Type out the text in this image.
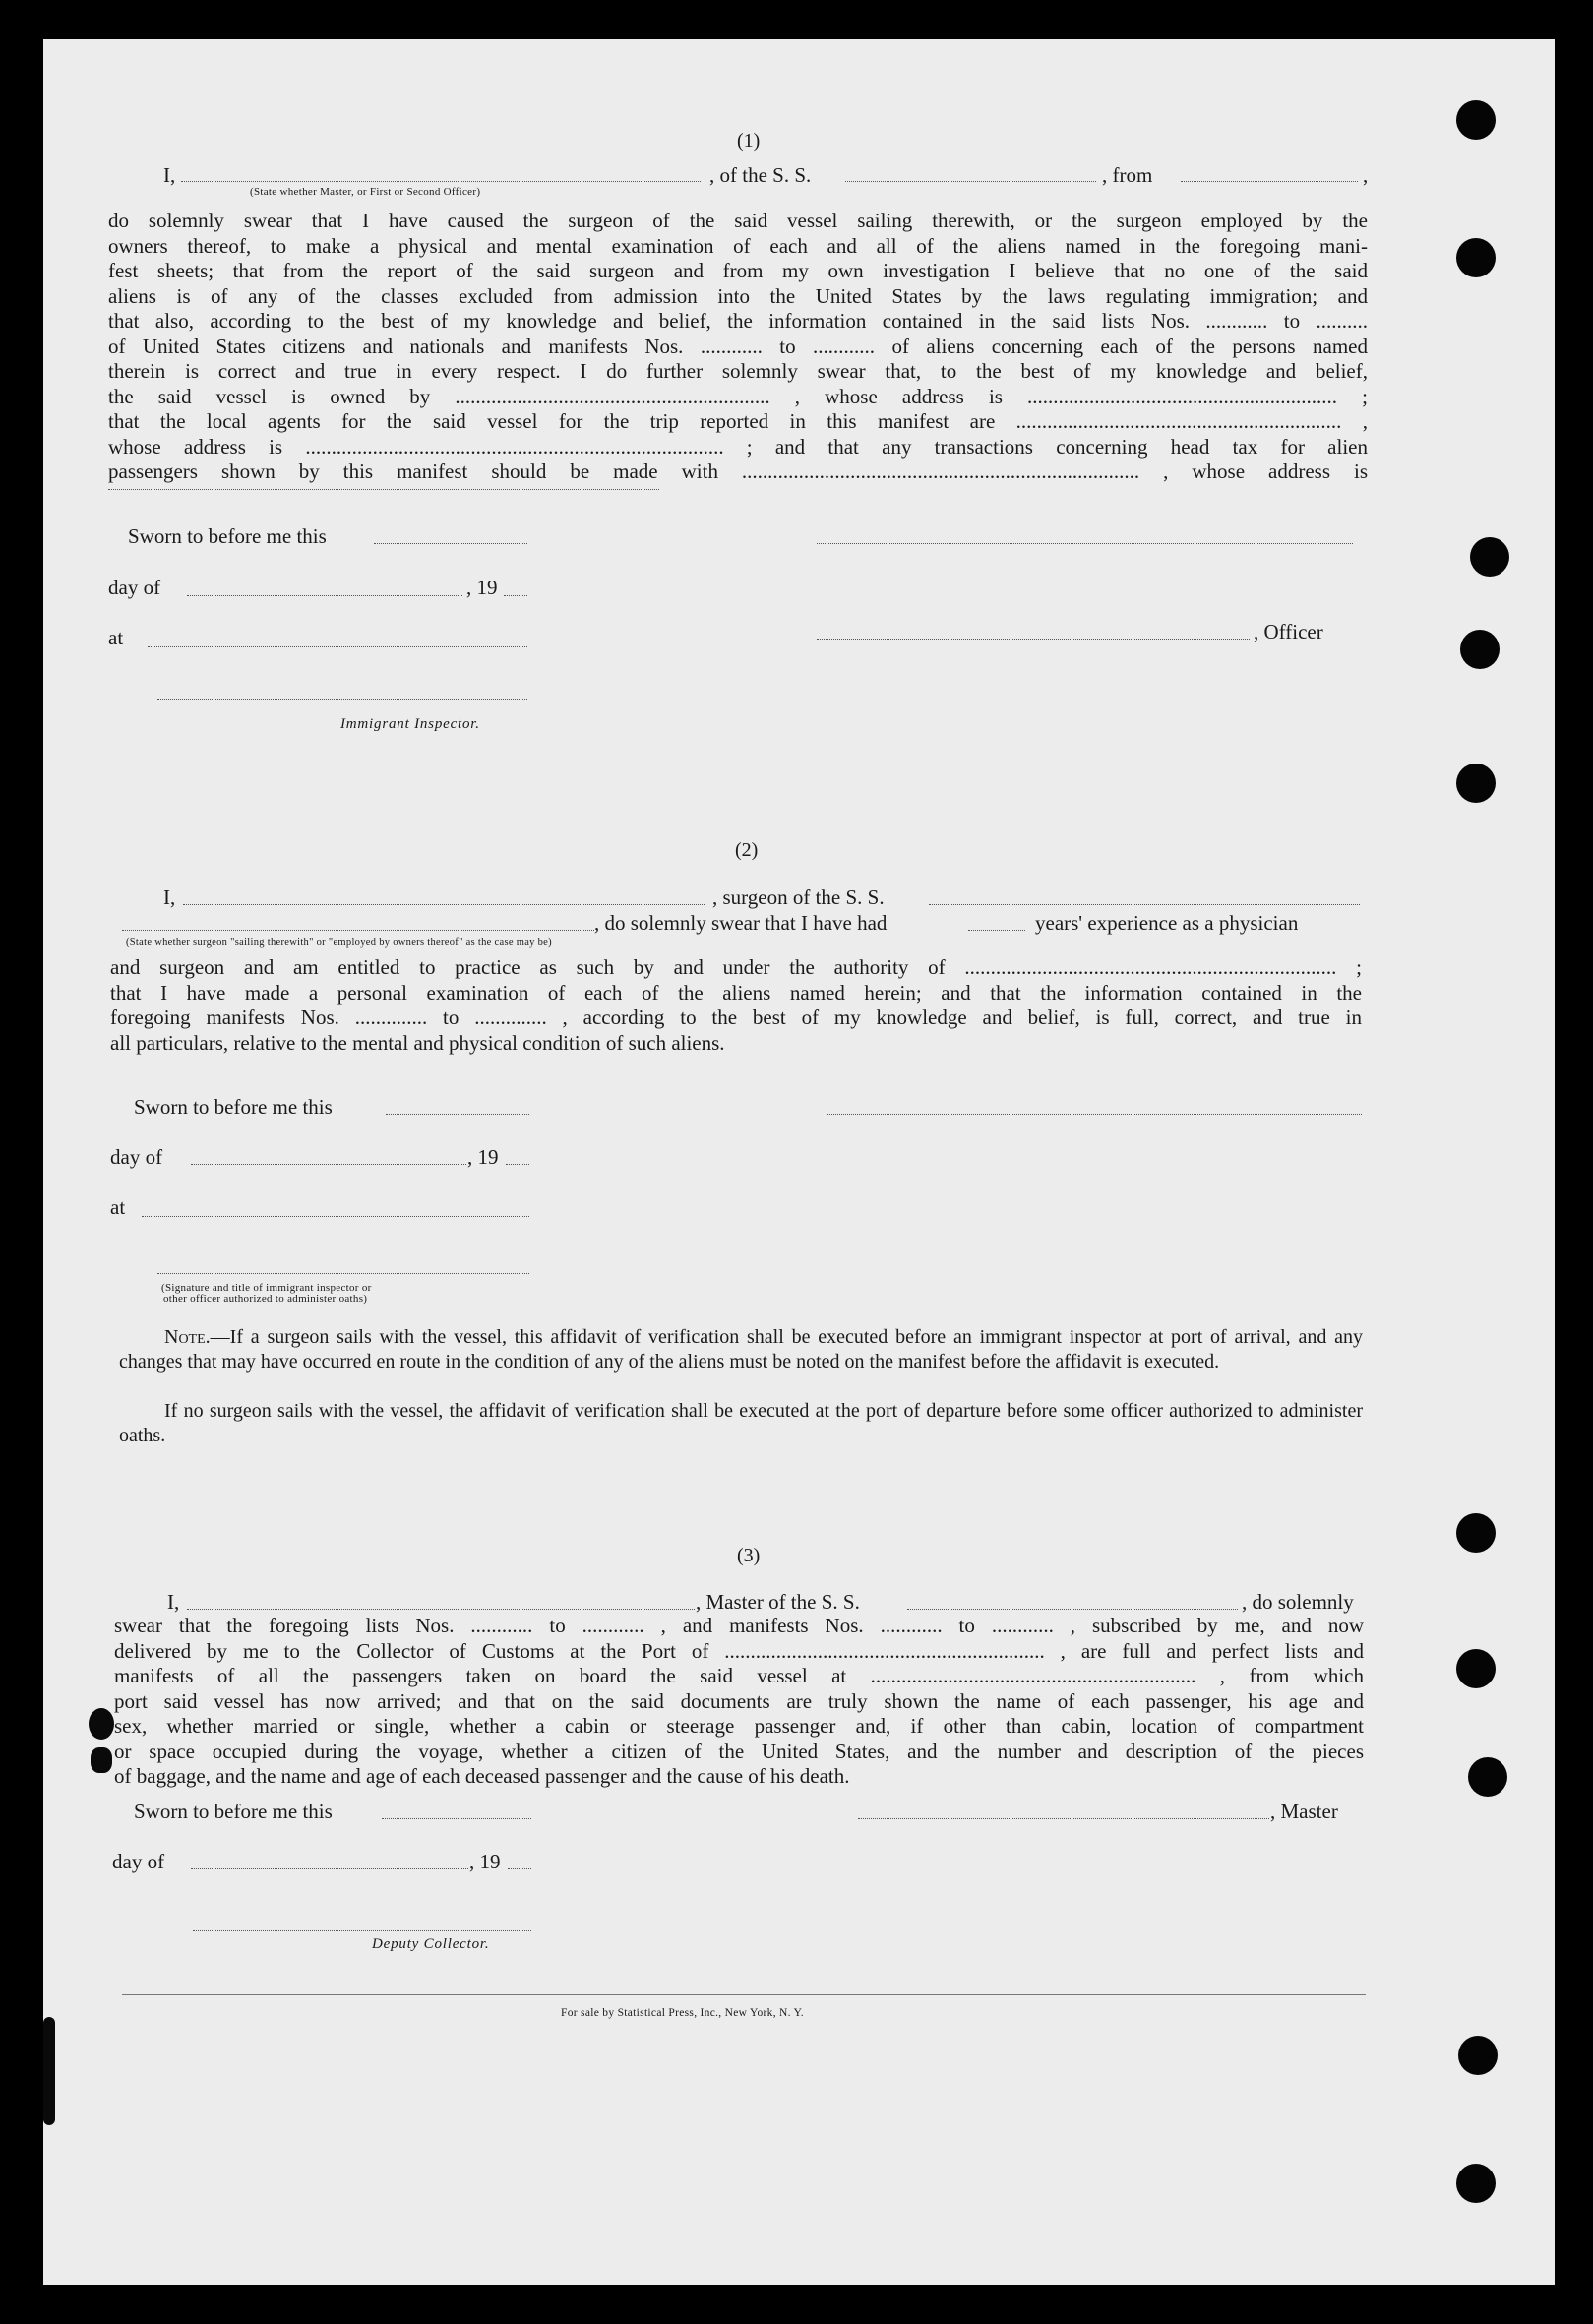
(1)
I,	, of the S. S.	, from	,
(State whether Master, or First or Second Officer)
do solemnly swear that I have caused the surgeon of the said vessel sailing therewith, or the surgeon employed by the
owners thereof, to make a physical and mental examination of each and all of the aliens named in the foregoing mani-
fest sheets; that from the report of the said surgeon and from my own investigation I believe that no one of the said
aliens is of any of the classes excluded from admission into the United States by the laws regulating immigration; and
that also, according to the best of my knowledge and belief, the information contained in the said lists Nos. ............ to ..........
of United States citizens and nationals and manifests Nos. ............ to ............ of aliens concerning each of the persons named
therein is correct and true in every respect. I do further solemnly swear that, to the best of my knowledge and belief,
the said vessel is owned by ............................................................. , whose address is ............................................................ ;
that the local agents for the said vessel for the trip reported in this manifest are ............................................................... ,
whose address is ................................................................................. ; and that any transactions concerning head tax for alien
passengers shown by this manifest should be made with ............................................................................. , whose address is
Sworn to before me this
day of	, 19
, Officer
at
Immigrant Inspector.
(2)
I,	, surgeon of the S. S.
, do solemnly swear that I have had	years' experience as a physician
(State whether surgeon "sailing therewith" or "employed by owners thereof" as the case may be)
and surgeon and am entitled to practice as such by and under the authority of ........................................................................ ;
that I have made a personal examination of each of the aliens named herein; and that the information contained in the
foregoing manifests Nos. .............. to .............. , according to the best of my knowledge and belief, is full, correct, and true in
all particulars, relative to the mental and physical condition of such aliens.
Sworn to before me this
day of	, 19
at
(Signature and title of immigrant inspector or
other officer authorized to administer oaths)
Note.—If a surgeon sails with the vessel, this affidavit of verification shall be executed before an immigrant inspector at port of arrival, and any changes that may have occurred en route in the condition of any of the aliens must be noted on the manifest before the affidavit is executed.
If no surgeon sails with the vessel, the affidavit of verification shall be executed at the port of departure before some officer authorized to administer oaths.
(3)
I,	, Master of the S. S.	, do solemnly
swear that the foregoing lists Nos. ............ to ............ , and manifests Nos. ............ to ............ , subscribed by me, and now
delivered by me to the Collector of Customs at the Port of .............................................................. , are full and perfect lists and
manifests of all the passengers taken on board the said vessel at ............................................................... , from which
port said vessel has now arrived; and that on the said documents are truly shown the name of each passenger, his age and
sex, whether married or single, whether a cabin or steerage passenger and, if other than cabin, location of compartment
or space occupied during the voyage, whether a citizen of the United States, and the number and description of the pieces
of baggage, and the name and age of each deceased passenger and the cause of his death.
Sworn to before me this	, Master
day of	, 19
Deputy Collector.
For sale by Statistical Press, Inc., New York, N. Y.
